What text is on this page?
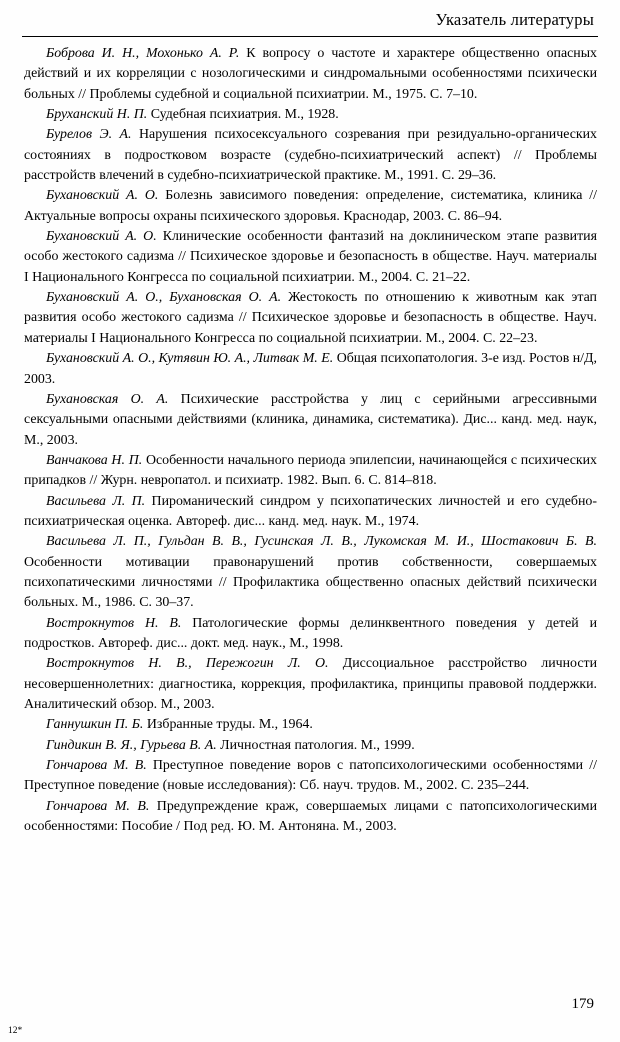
Указатель литературы

Боброва И. Н., Мохонько А. Р. К вопросу о частоте и характере общественно опасных действий и их корреляции с нозологическими и синдромальными особенностями психически больных // Проблемы судебной и социальной психиатрии. М., 1975. С. 7–10.

Бруханский Н. П. Судебная психиатрия. М., 1928.

Бурелов Э. А. Нарушения психосексуального созревания при резидуально-органических состояниях в подростковом возрасте (судебно-психиатрический аспект) // Проблемы расстройств влечений в судебно-психиатрической практике. М., 1991. С. 29–36.

Бухановский А. О. Болезнь зависимого поведения: определение, систематика, клиника // Актуальные вопросы охраны психического здоровья. Краснодар, 2003. С. 86–94.

Бухановский А. О. Клинические особенности фантазий на доклиническом этапе развития особо жестокого садизма // Психическое здоровье и безопасность в обществе. Науч. материалы I Национального Конгресса по социальной психиатрии. М., 2004. С. 21–22.

Бухановский А. О., Бухановская О. А. Жестокость по отношению к животным как этап развития особо жестокого садизма // Психическое здоровье и безопасность в обществе. Науч. материалы I Национального Конгресса по социальной психиатрии. М., 2004. С. 22–23.

Бухановский А. О., Кутявин Ю. А., Литвак М. Е. Общая психопатология. 3-е изд. Ростов н/Д, 2003.

Бухановская О. А. Психические расстройства у лиц с серийными агрессивными сексуальными опасными действиями (клиника, динамика, систематика). Дис... канд. мед. наук, М., 2003.

Ванчакова Н. П. Особенности начального периода эпилепсии, начинающейся с психических припадков // Журн. невропатол. и психиатр. 1982. Вып. 6. С. 814–818.

Васильева Л. П. Пироманический синдром у психопатических личностей и его судебно-психиатрическая оценка. Автореф. дис... канд. мед. наук. М., 1974.

Васильева Л. П., Гульдан В. В., Гусинская Л. В., Лукомская М. И., Шостакович Б. В. Особенности мотивации правонарушений против собственности, совершаемых психопатическими личностями // Профилактика общественно опасных действий психически больных. М., 1986. С. 30–37.

Вострокнутов Н. В. Патологические формы делинквентного поведения у детей и подростков. Автореф. дис... докт. мед. наук., М., 1998.

Вострокнутов Н. В., Пережогин Л. О. Диссоциальное расстройство личности несовершеннолетних: диагностика, коррекция, профилактика, принципы правовой поддержки. Аналитический обзор. М., 2003.

Ганнушкин П. Б. Избранные труды. М., 1964.

Гиндикин В. Я., Гурьева В. А. Личностная патология. М., 1999.

Гончарова М. В. Преступное поведение воров с патопсихологическими особенностями // Преступное поведение (новые исследования): Сб. науч. трудов. М., 2002. С. 235–244.

Гончарова М. В. Предупреждение краж, совершаемых лицами с патопсихологическими особенностями: Пособие / Под ред. Ю. М. Антоняна. М., 2003.

179
12*
